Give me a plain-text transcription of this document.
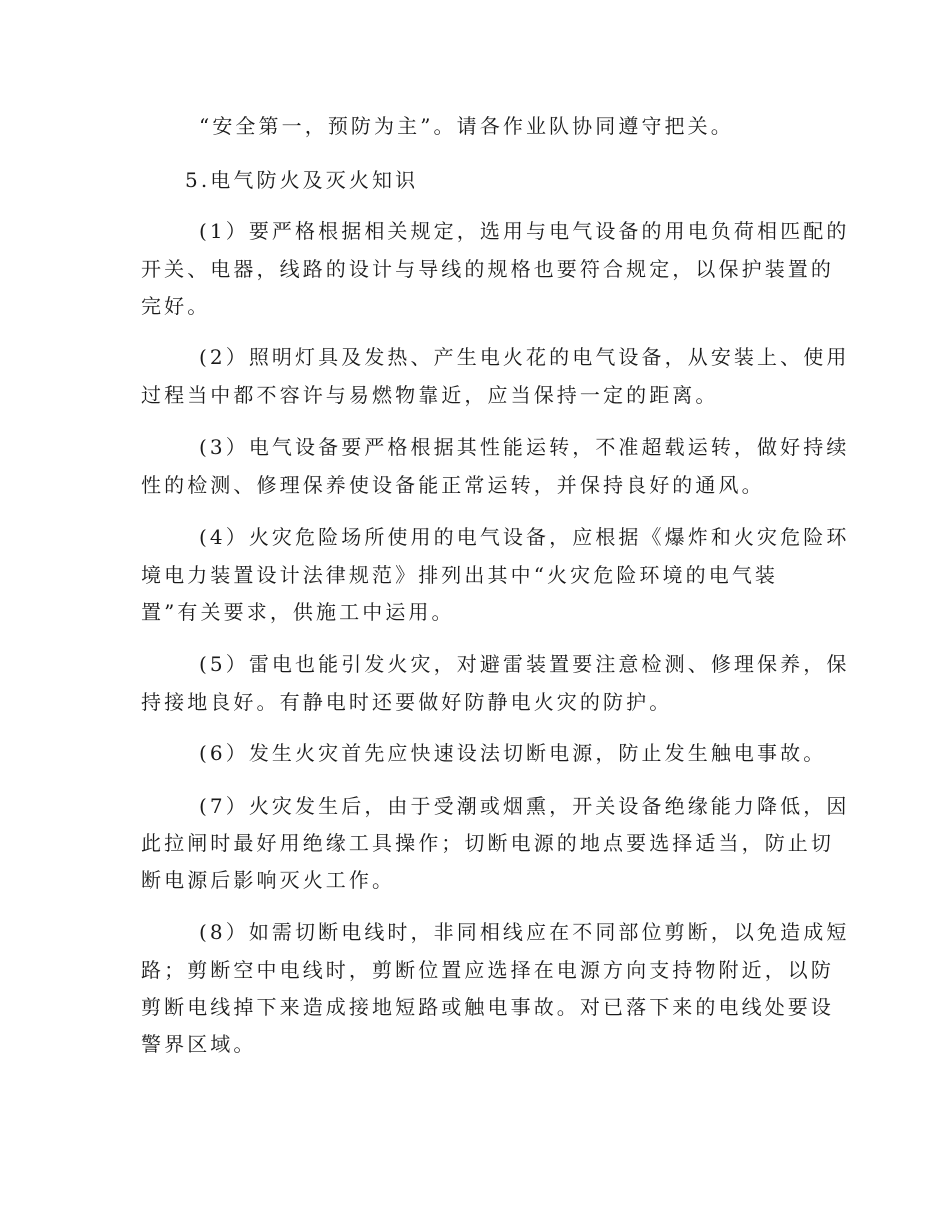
“安全第一，预防为主”。请各作业队协同遵守把关。
5.电气防火及灭火知识
(1）要严格根据相关规定，选用与电气设备的用电负荷相匹配的
开关、电器，线路的设计与导线的规格也要符合规定，以保护装置的
完好。
(2）照明灯具及发热、产生电火花的电气设备，从安装上、使用
过程当中都不容许与易燃物靠近，应当保持一定的距离。
(3）电气设备要严格根据其性能运转，不准超载运转，做好持续
性的检测、修理保养使设备能正常运转，并保持良好的通风。
(4）火灾危险场所使用的电气设备，应根据《爆炸和火灾危险环
境电力装置设计法律规范》排列出其中“火灾危险环境的电气装
置”有关要求，供施工中运用。
(5）雷电也能引发火灾，对避雷装置要注意检测、修理保养，保
持接地良好。有静电时还要做好防静电火灾的防护。
(6）发生火灾首先应快速设法切断电源，防止发生触电事故。
(7）火灾发生后，由于受潮或烟熏，开关设备绝缘能力降低，因
此拉闸时最好用绝缘工具操作；切断电源的地点要选择适当，防止切
断电源后影响灭火工作。
(8）如需切断电线时，非同相线应在不同部位剪断，以免造成短
路；剪断空中电线时，剪断位置应选择在电源方向支持物附近，以防
剪断电线掉下来造成接地短路或触电事故。对已落下来的电线处要设
警界区域。
